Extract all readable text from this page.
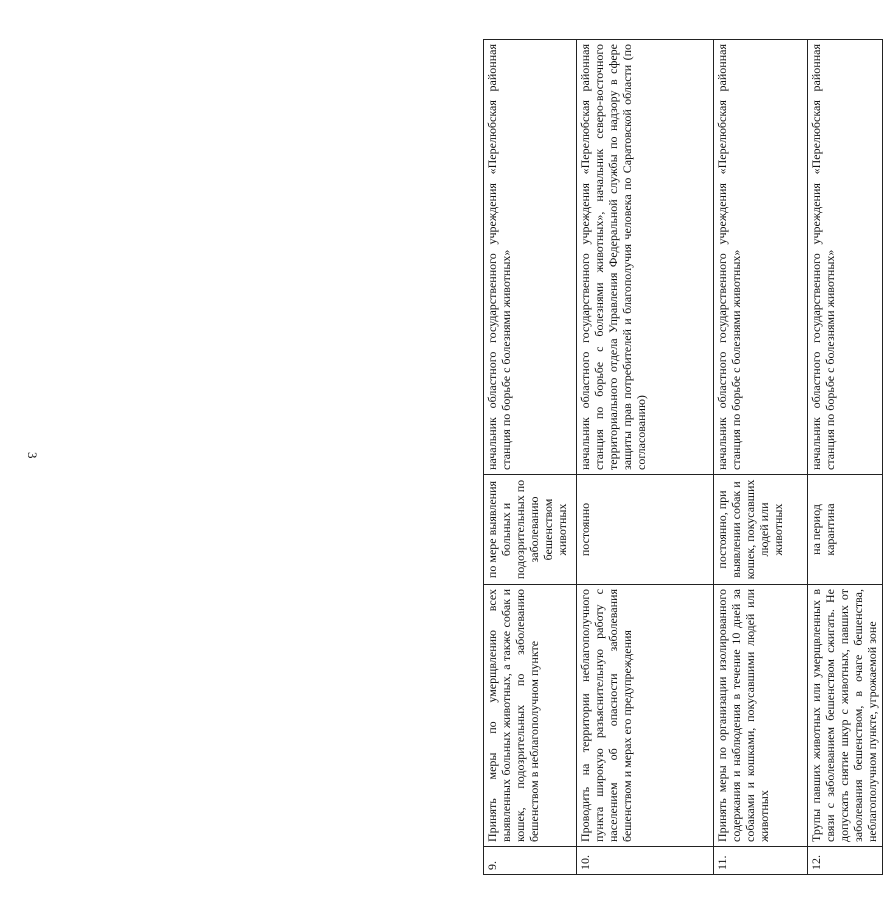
3
9.	Принять меры по умерщвлению всех выявленных больных животных, а также собак и кошек, подозрительных по заболеванию бешенством в неблагополучном пункте	по мере выявления больных и подозрительных по заболеванию бешенством животных	начальник областного государственного учреждения «Перелюбская районная станция по борьбе с болезнями животных»
10.	Проводить на территории неблагополучного пункта широкую разъяснительную работу с населением об опасности заболевания бешенством и мерах его предупреждения	постоянно	начальник областного государственного учреждения «Перелюбская районная станция по борьбе с болезнями животных», начальник северо-восточного территориального отдела Управления Федеральной службы по надзору в сфере защиты прав потребителей и благополучия человека по Саратовской области (по согласованию)
11.	Принять меры по организации изолированного содержания и наблюдения в течение 10 дней за собаками и кошками, покусавшими людей или животных	постоянно, при выявлении собак и кошек, покусавших людей или животных	начальник областного государственного учреждения «Перелюбская районная станция по борьбе с болезнями животных»
12.	Трупы павших животных или умерщвленных в связи с заболеванием бешенством сжигать. Не допускать снятие шкур с животных, павших от заболевания бешенством, в очаге бешенства, неблагополучном пункте, угрожаемой зоне	на период карантина	начальник областного государственного учреждения «Перелюбская районная станция по борьбе с болезнями животных»
